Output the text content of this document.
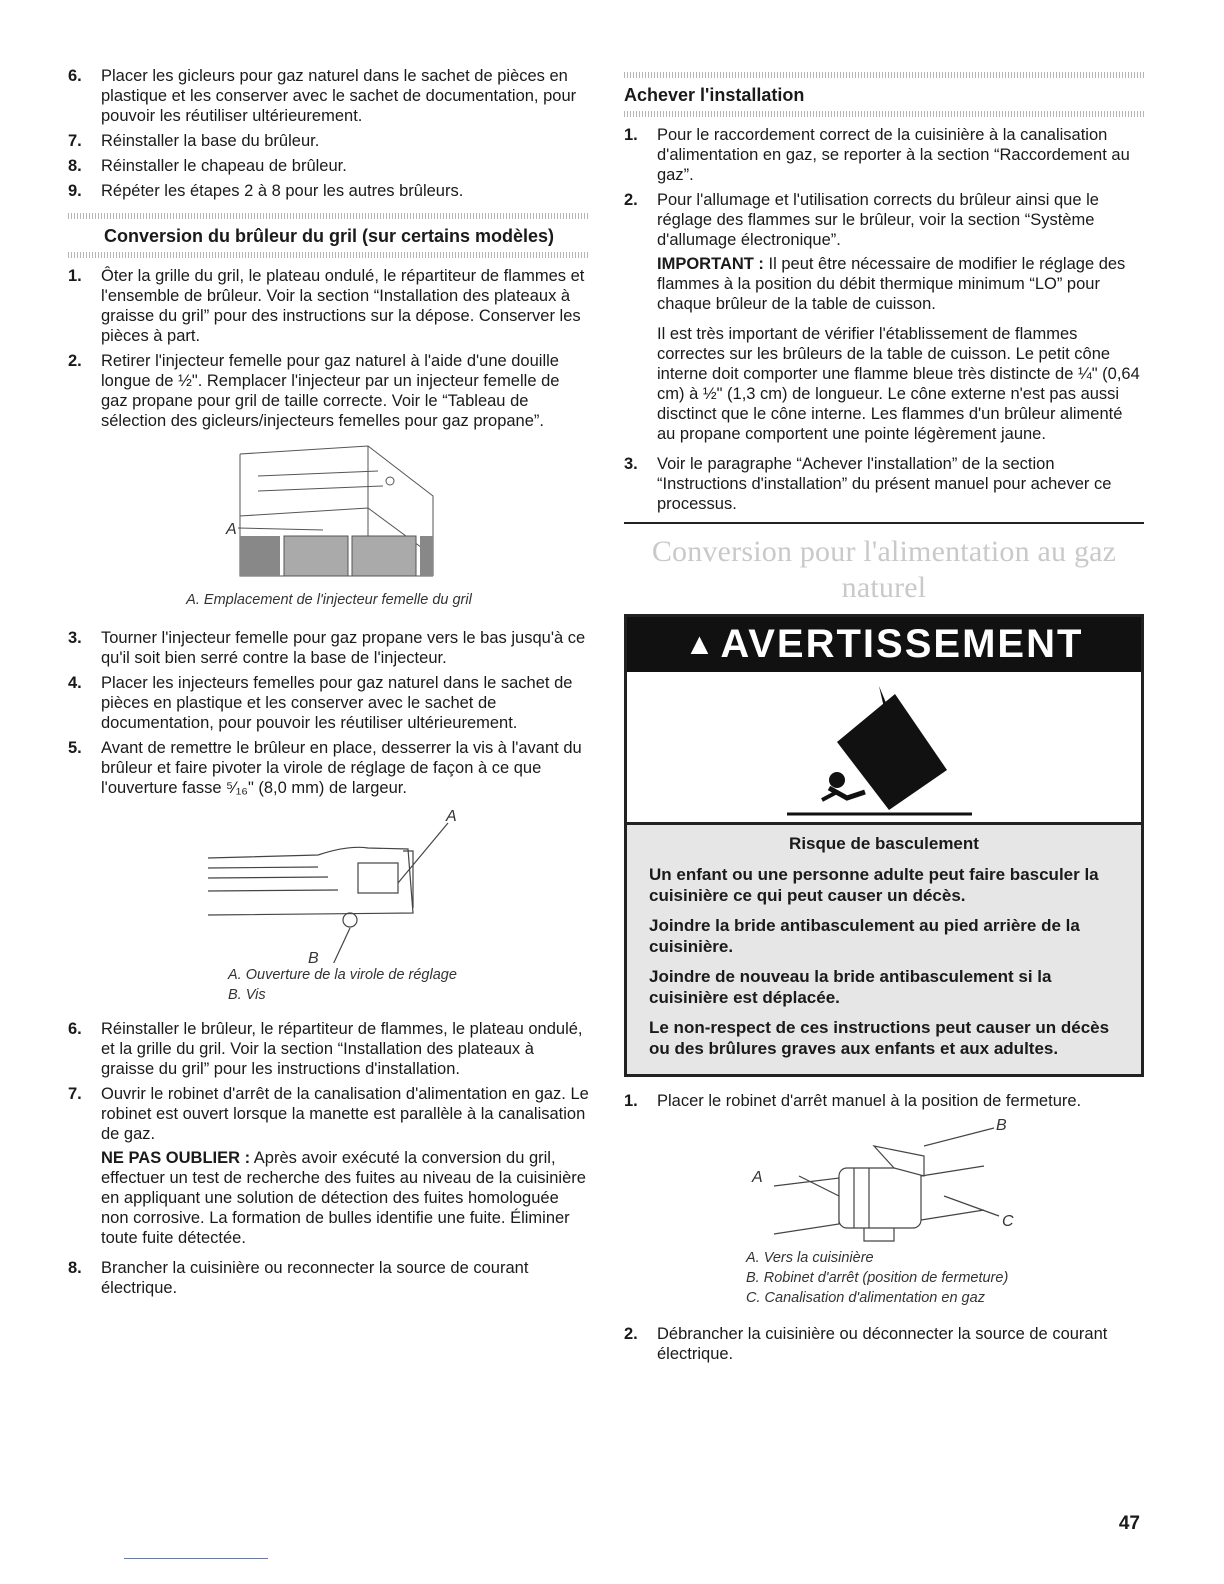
6. Placer les gicleurs pour gaz naturel dans le sachet de pièces en plastique et les conserver avec le sachet de documentation, pour pouvoir les réutiliser ultérieurement.
7. Réinstaller la base du brûleur.
8. Réinstaller le chapeau de brûleur.
9. Répéter les étapes 2 à 8 pour les autres brûleurs.
Conversion du brûleur du gril (sur certains modèles)
1. Ôter la grille du gril, le plateau ondulé, le répartiteur de flammes et l'ensemble de brûleur. Voir la section “Installation des plateaux à graisse du gril” pour des instructions sur la dépose. Conserver les pièces à part.
2. Retirer l'injecteur femelle pour gaz naturel à l'aide d'une douille longue de ½". Remplacer l'injecteur par un injecteur femelle de gaz propane pour gril de taille correcte. Voir le “Tableau de sélection des gicleurs/injecteurs femelles pour gaz propane”.
A
A. Emplacement de l'injecteur femelle du gril
3. Tourner l'injecteur femelle pour gaz propane vers le bas jusqu'à ce qu'il soit bien serré contre la base de l'injecteur.
4. Placer les injecteurs femelles pour gaz naturel dans le sachet de pièces en plastique et les conserver avec le sachet de documentation, pour pouvoir les réutiliser ultérieurement.
5. Avant de remettre le brûleur en place, desserrer la vis à l'avant du brûleur et faire pivoter la virole de réglage de façon à ce que l'ouverture fasse ⁵⁄₁₆" (8,0 mm) de largeur.
A
B
A. Ouverture de la virole de réglage
B. Vis
6. Réinstaller le brûleur, le répartiteur de flammes, le plateau ondulé, et la grille du gril. Voir la section “Installation des plateaux à graisse du gril” pour les instructions d'installation.
7. Ouvrir le robinet d'arrêt de la canalisation d'alimentation en gaz. Le robinet est ouvert lorsque la manette est parallèle à la canalisation de gaz.

NE PAS OUBLIER : Après avoir exécuté la conversion du gril, effectuer un test de recherche des fuites au niveau de la cuisinière en appliquant une solution de détection des fuites homologuée non corrosive. La formation de bulles identifie une fuite. Éliminer toute fuite détectée.

8. Brancher la cuisinière ou reconnecter la source de courant électrique.
Achever l'installation
1. Pour le raccordement correct de la cuisinière à la canalisation d'alimentation en gaz, se reporter à la section “Raccordement au gaz”.
2. Pour l'allumage et l'utilisation corrects du brûleur ainsi que le réglage des flammes sur le brûleur, voir la section “Système d'allumage électronique”.

IMPORTANT : Il peut être nécessaire de modifier le réglage des flammes à la position du débit thermique minimum “LO” pour chaque brûleur de la table de cuisson.

Il est très important de vérifier l'établissement de flammes correctes sur les brûleurs de la table de cuisson. Le petit cône interne doit comporter une flamme bleue très distincte de ¼" (0,64 cm) à ½" (1,3 cm) de longueur. Le cône externe n'est pas aussi disctinct que le cône interne. Les flammes d'un brûleur alimenté au propane comportent une pointe légèrement jaune.

3. Voir le paragraphe “Achever l'installation” de la section “Instructions d'installation” du présent manuel pour achever ce processus.
Conversion pour l'alimentation au gaz naturel
▲ AVERTISSEMENT

Risque de basculement

Un enfant ou une personne adulte peut faire basculer la cuisinière ce qui peut causer un décès.

Joindre la bride antibasculement au pied arrière de la cuisinière.

Joindre de nouveau la bride antibasculement si la cuisinière est déplacée.

Le non-respect de ces instructions peut causer un décès ou des brûlures graves aux enfants et aux adultes.

1. Placer le robinet d'arrêt manuel à la position de fermeture.
B
A
C
A. Vers la cuisinière
B. Robinet d'arrêt (position de fermeture)
C. Canalisation d'alimentation en gaz
2. Débrancher la cuisinière ou déconnecter la source de courant électrique.
47
